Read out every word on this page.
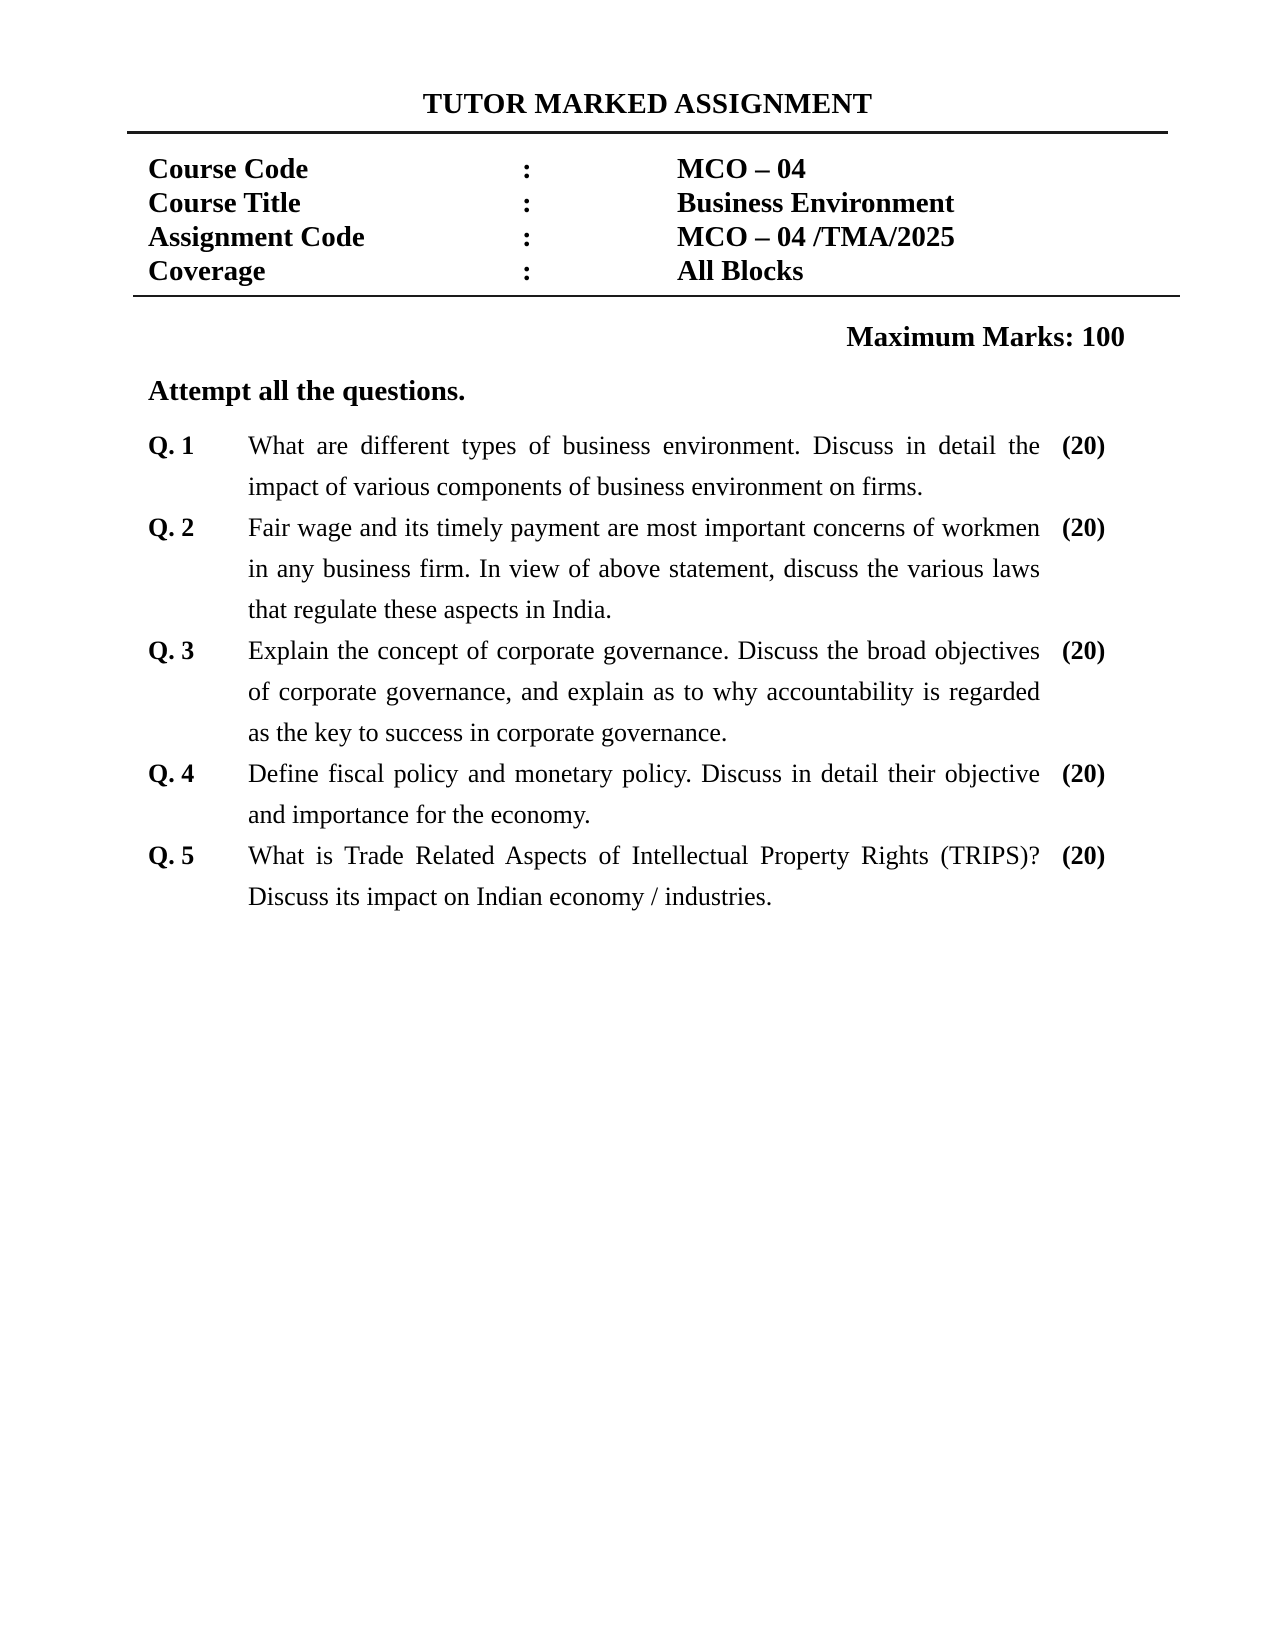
TUTOR MARKED ASSIGNMENT
Course Code	:	MCO – 04
Course Title	:	Business Environment
Assignment Code	:	MCO – 04 /TMA/2025
Coverage	:	All Blocks
Maximum Marks: 100
Attempt all the questions.
Q. 1	What are different types of business environment. Discuss in detail the impact of various components of business environment on firms.
(20)
Q. 2	Fair wage and its timely payment are most important concerns of workmen in any business firm. In view of above statement, discuss the various laws that regulate these aspects in India.
(20)
Q. 3	Explain the concept of corporate governance. Discuss the broad objectives of corporate governance, and explain as to why accountability is regarded as the key to success in corporate governance.
(20)
Q. 4	Define fiscal policy and monetary policy. Discuss in detail their objective and importance for the economy.
(20)
Q. 5	What is Trade Related Aspects of Intellectual Property Rights (TRIPS)? Discuss its impact on Indian economy / industries.
(20)
